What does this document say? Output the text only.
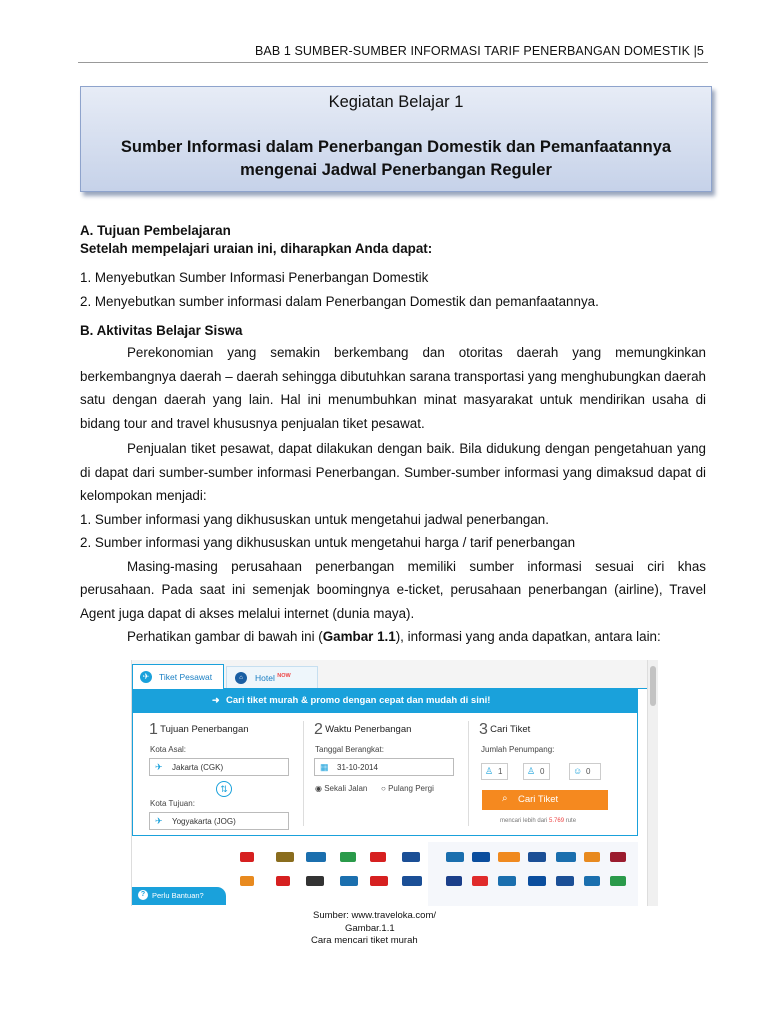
BAB 1 SUMBER-SUMBER INFORMASI TARIF PENERBANGAN DOMESTIK |5
Kegiatan Belajar 1
Sumber Informasi dalam Penerbangan Domestik dan Pemanfaatannya
mengenai Jadwal Penerbangan Reguler

A. Tujuan Pembelajaran

Setelah mempelajari uraian ini, diharapkan Anda dapat:

1. Menyebutkan Sumber Informasi Penerbangan Domestik

2. Menyebutkan sumber informasi dalam Penerbangan Domestik dan pemanfaatannya.

B. Aktivitas Belajar Siswa

Perekonomian yang semakin berkembang dan otoritas daerah yang memungkinkan berkembangnya daerah – daerah sehingga dibutuhkan sarana transportasi yang menghubungkan daerah satu dengan daerah yang lain. Hal ini menumbuhkan minat masyarakat untuk mendirikan usaha di bidang tour and travel khususnya penjualan tiket pesawat.

Penjualan tiket pesawat, dapat dilakukan dengan baik. Bila didukung dengan pengetahuan yang di dapat dari sumber-sumber informasi Penerbangan. Sumber-sumber informasi yang dimaksud dapat di kelompokan menjadi:

1. Sumber informasi yang dikhususkan untuk mengetahui jadwal penerbangan.

2. Sumber informasi yang dikhususkan untuk mengetahui harga / tarif penerbangan

Masing-masing perusahaan penerbangan memiliki sumber informasi sesuai ciri khas perusahaan. Pada saat ini semenjak boomingnya e-ticket, perusahaan penerbangan (airline), Travel Agent juga dapat di akses melalui internet (dunia maya).

Perhatikan gambar di bawah ini (Gambar 1.1), informasi yang anda dapatkan, antara lain:

✈	Tiket Pesawat	⌂	Hotel $^{NOW}$
➜ Cari tiket murah & promo dengan cepat dan mudah di sini!
1 Tujuan Penerbangan
Kota Asal:
✈ Jakarta (CGK)
⇅
Kota Tujuan:
✈ Yogyakarta (JOG)
2 Waktu Penerbangan
Tanggal Berangkat:
▦ 31-10-2014
◉ Sekali Jalan ○ Pulang Pergi
3 Cari Tiket
Jumlah Penumpang:
♙ 1	♙ 0	☺ 0
⌕ Cari Tiket
mencari lebih dari 5.769 rute
? Perlu Bantuan?
Sumber: www.traveloka.com/
Gambar.1.1
Cara mencari tiket murah
